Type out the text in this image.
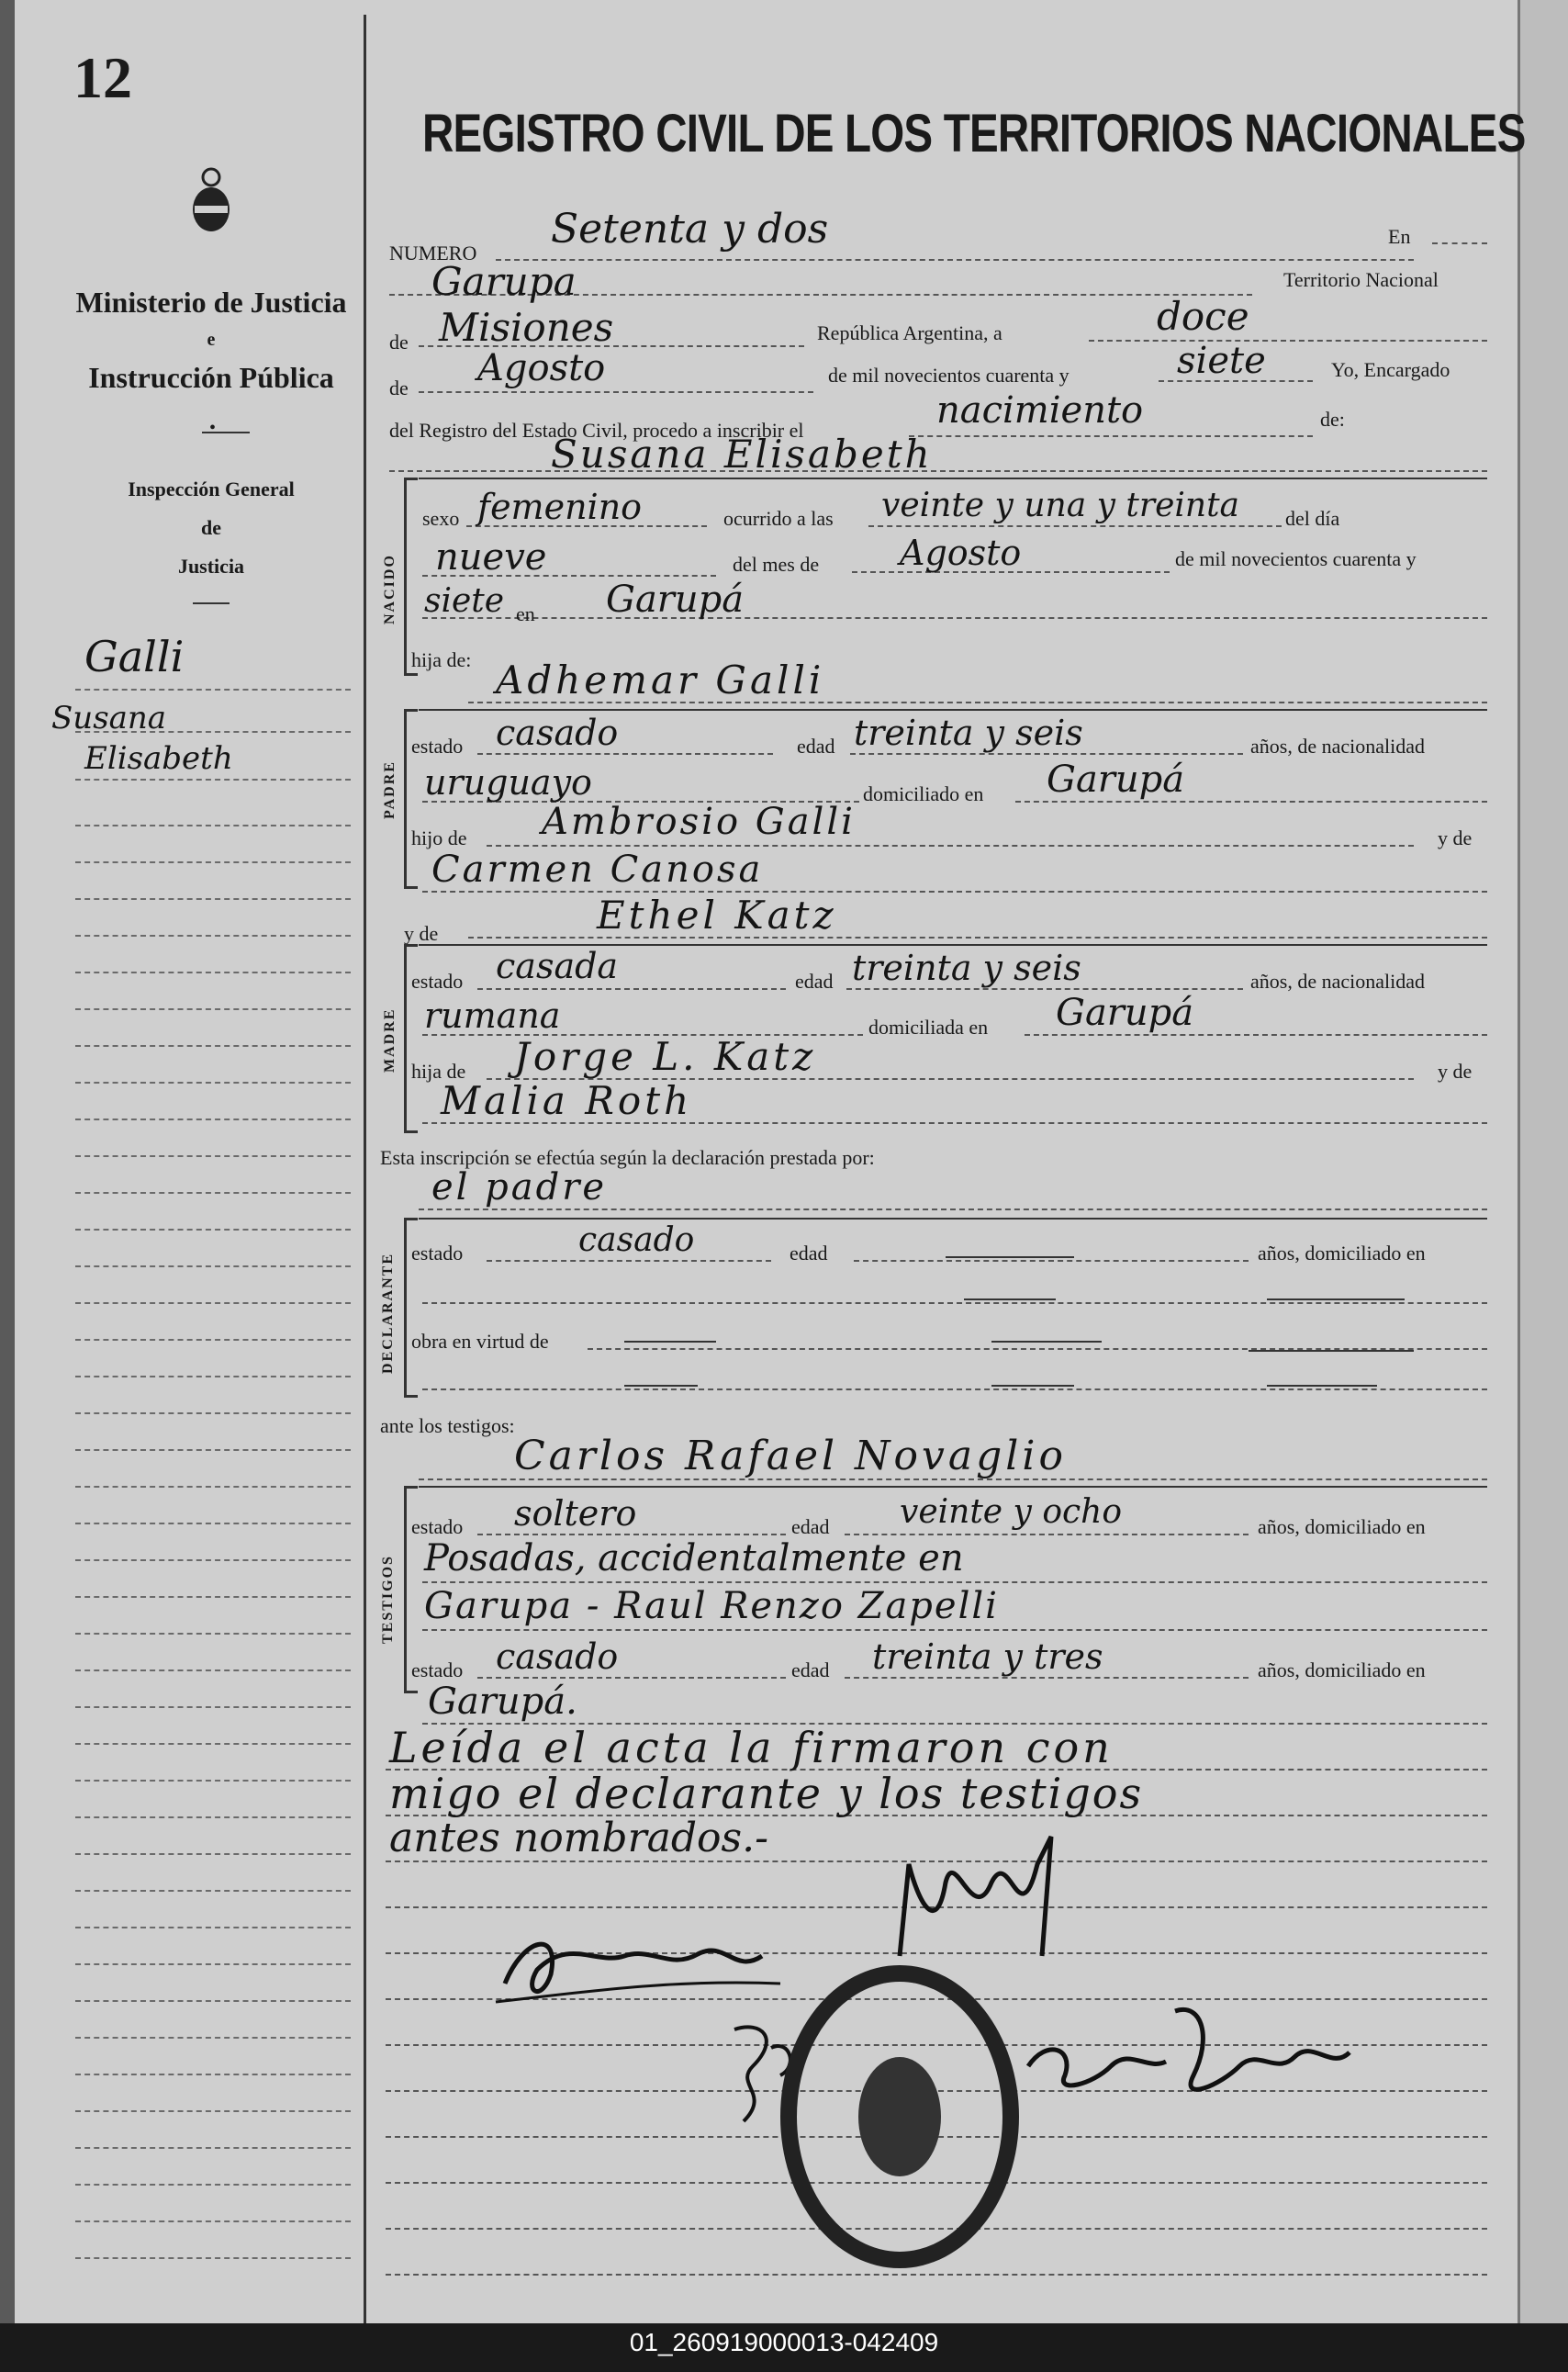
12
Ministerio de Justicia
e
Instrucción Pública
•
Inspección General
de
Justicia
Galli
Susana
Elisabeth
REGISTRO CIVIL DE LOS TERRITORIOS NACIONALES
NUMERO
Setenta y dos	En
Garupa	Territorio Nacional
de Misiones	República Argentina, a	doce
de Agosto	de mil novecientos cuarenta y	siete	Yo, Encargado
del Registro del Estado Civil, procedo a inscribir el	nacimiento	de:
Susana Elisabeth
NACIDO
sexo femenino	ocurrido a las veinte y una y treinta del día
nueve	del mes de Agosto	de mil novecientos cuarenta y
siete en Garupá
hija de: Adhemar Galli
PADRE
estado casado	edad treinta y seis	años, de nacionalidad
uruguayo	domiciliado en Garupá
hijo de Ambrosio Galli	y de
Carmen Canosa
y de	Ethel Katz
MADRE
estado casada	edad treinta y seis	años, de nacionalidad
rumana	domiciliada en Garupá
hija de Jorge L. Katz	y de
Malia Roth
Esta inscripción se efectúa según la declaración prestada por:
el padre
DECLARANTE estado	casado	edad	años, domiciliado en
obra en virtud de
ante los testigos:
Carlos Rafael Novaglio
TESTIGOS
estado soltero	edad veinte y ocho	años, domiciliado en
Posadas, accidentalmente en
Garupa - Raul Renzo Zapelli
estado casado	edad treinta y tres	años, domiciliado en
Garupá.
Leída el acta la firmaron con
migo el declarante y los testigos
antes nombrados.-
01_260919000013-042409
